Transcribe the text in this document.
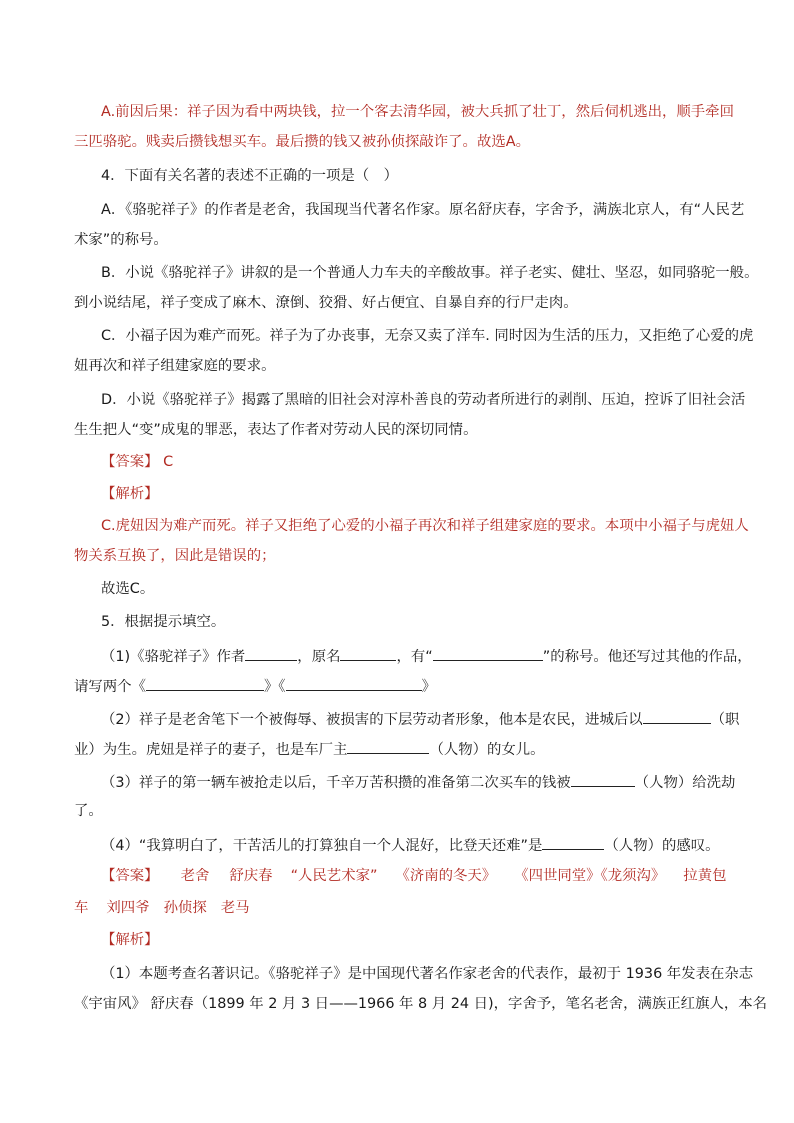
A.前因后果：祥子因为看中两块钱，拉一个客去清华园，被大兵抓了壮丁，然后伺机逃出，顺手牵回
三匹骆驼。贱卖后攒钱想买车。最后攒的钱又被孙侦探敲诈了。故选A。
4．下面有关名著的表述不正确的一项是（　）
A．《骆驼祥子》的作者是老舍，我国现当代著名作家。原名舒庆春，字舍予，满族北京人，有“人民艺
术家”的称号。
B．小说《骆驼祥子》讲叙的是一个普通人力车夫的辛酸故事。祥子老实、健壮、坚忍，如同骆驼一般。
到小说结尾，祥子变成了麻木、潦倒、狡猾、好占便宜、自暴自弃的行尸走肉。
C．小福子因为难产而死。祥子为了办丧事，无奈又卖了洋车. 同时因为生活的压力，又拒绝了心爱的虎
妞再次和祥子组建家庭的要求。
D．小说《骆驼祥子》揭露了黑暗的旧社会对淳朴善良的劳动者所进行的剥削、压迫，控诉了旧社会活
生生把人“变”成鬼的罪恶，表达了作者对劳动人民的深切同情。
【答案】 C
【解析】
C.虎妞因为难产而死。祥子又拒绝了心爱的小福子再次和祥子组建家庭的要求。本项中小福子与虎妞人
物关系互换了，因此是错误的；
故选C。
5．根据提示填空。
（1)《骆驼祥子》作者	，原名	，有“	”的称号。他还写过其他的作品，
请写两个《	》《	》
（2）祥子是老舍笔下一个被侮辱、被损害的下层劳动者形象，他本是农民，进城后以	（职
业）为生。虎妞是祥子的妻子，也是车厂主	（人物）的女儿。
（3）祥子的第一辆车被抢走以后，千辛万苦积攒的准备第二次买车的钱被	（人物）给洗劫
了。
（4）“我算明白了，干苦活儿的打算独自一个人混好，比登天还难”是	（人物）的感叹。
【答案】 老舍 舒庆春 “人民艺术家” 《济南的冬天》 《四世同堂》《龙须沟》 拉黄包
车 刘四爷 孙侦探 老马
【解析】
（1）本题考查名著识记。《骆驼祥子》是中国现代著名作家老舍的代表作，最初于 1936 年发表在杂志
《宇宙风》 舒庆春（1899 年 2 月 3 日——1966 年 8 月 24 日)，字舍予，笔名老舍，满族正红旗人，本名
